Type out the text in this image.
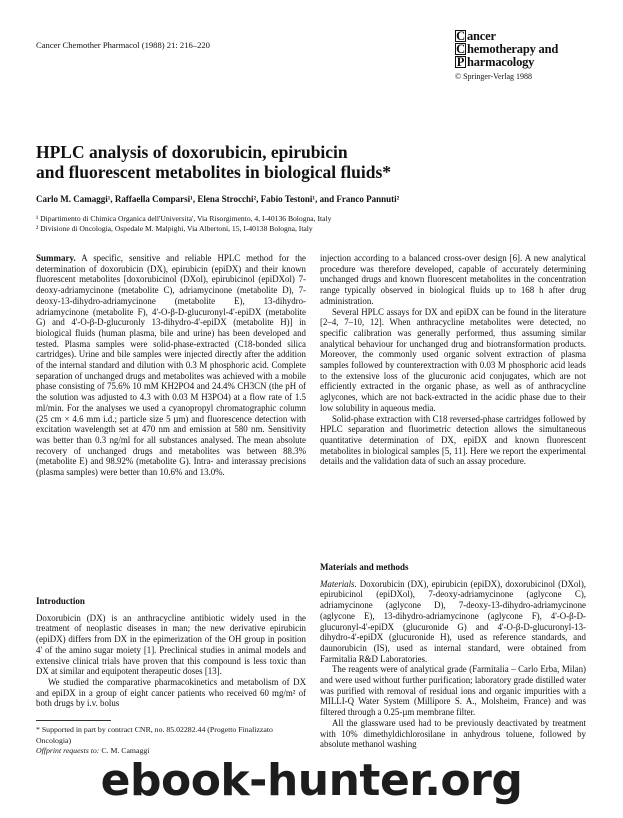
Cancer Chemother Pharmacol (1988) 21: 216–220
C ancer
C hemotherapy and
P harmacology
© Springer-Verlag 1988
HPLC analysis of doxorubicin, epirubicin
and fluorescent metabolites in biological fluids*
Carlo M. Camaggi¹, Raffaella Comparsi¹, Elena Strocchi², Fabio Testoni¹, and Franco Pannuti²
¹ Dipartimento di Chimica Organica dell'Universita', Via Risorgimento, 4, I-40136 Bologna, Italy
² Divisione di Oncologia, Ospedale M. Malpighi, Via Albertoni, 15, I-40138 Bologna, Italy

Summary. A specific, sensitive and reliable HPLC method for the determination of doxorubicin (DX), epirubicin (epiDX) and their known fluorescent metabolites [doxorubicinol (DXol), epirubicinol (epiDXol) 7-deoxy-adriamycinone (metabolite C), adriamycinone (metabolite D), 7-deoxy-13-dihydro-adriamycinone (metabolite E), 13-dihydro-adriamycinone (metabolite F), 4'-O-β-D-glucuronyl-4'-epiDX (metabolite G) and 4'-O-β-D-glucuronly 13-dihydro-4'-epiDX (metabolite H)] in biological fluids (human plasma, bile and urine) has been developed and tested. Plasma samples were solid-phase-extracted (C18-bonded silica cartridges). Urine and bile samples were injected directly after the addition of the internal standard and dilution with 0.3 M phosphoric acid. Complete separation of unchanged drugs and metabolites was achieved with a mobile phase consisting of 75.6% 10 mM KH2PO4 and 24.4% CH3CN (the pH of the solution was adjusted to 4.3 with 0.03 M H3PO4) at a flow rate of 1.5 ml/min. For the analyses we used a cyanopropyl chromatographic column (25 cm × 4.6 mm i.d.; particle size 5 µm) and fluorescence detection with excitation wavelength set at 470 nm and emission at 580 nm. Sensitivity was better than 0.3 ng/ml for all substances analysed. The mean absolute recovery of unchanged drugs and metabolites was between 88.3% (metabolite E) and 98.92% (metabolite G). Intra- and interassay precisions (plasma samples) were better than 10.6% and 13.0%.

Introduction

Doxorubicin (DX) is an anthracycline antibiotic widely used in the treatment of neoplastic diseases in man; the new derivative epirubicin (epiDX) differs from DX in the epimerization of the OH group in position 4' of the amino sugar moiety [1]. Preclinical studies in animal models and extensive clinical trials have proven that this compound is less toxic than DX at similar and equipotent therapeutic doses [13].

We studied the comparative pharmacokinetics and metabolism of DX and epiDX in a group of eight cancer patients who received 60 mg/m² of both drugs by i.v. bolus

* Supported in part by contract CNR, no. 85.02282.44 (Progetto Finalizzato Oncologia)
Offprint requests to: C. M. Camaggi

injection according to a balanced cross-over design [6]. A new analytical procedure was therefore developed, capable of accurately determining unchanged drugs and known fluorescent metabolites in the concentration range typically observed in biological fluids up to 168 h after drug administration.

Several HPLC assays for DX and epiDX can be found in the literature [2–4, 7–10, 12]. When anthracycline metabolites were detected, no specific calibration was generally performed, thus assuming similar analytical behaviour for unchanged drug and biotransformation products. Moreover, the commonly used organic solvent extraction of plasma samples followed by counterextraction with 0.03 M phosphoric acid leads to the extensive loss of the glucuronic acid conjugates, which are not efficiently extracted in the organic phase, as well as of anthracycline aglycones, which are not back-extracted in the acidic phase due to their low solubility in aqueous media.

Solid-phase extraction with C18 reversed-phase cartridges followed by HPLC separation and fluorimetric detection allows the simultaneous quantitative determination of DX, epiDX and known fluorescent metabolites in biological samples [5, 11]. Here we report the experimental details and the validation data of such an assay procedure.

Materials and methods

Materials. Doxorubicin (DX), epirubicin (epiDX), doxorubicinol (DXol), epirubicinol (epiDXol), 7-deoxy-adriamycinone (aglycone C), adriamycinone (aglycone D), 7-deoxy-13-dihydro-adriamycinone (aglycone E), 13-dihydro-adriamycinone (aglycone F), 4'-O-β-D-glucuronyl-4'-epiDX (glucuronide G) and 4'-O-β-D-glucuronyl-13-dihydro-4'-epiDX (glucuronide H), used as reference standards, and daunorubicin (IS), used as internal standard, were obtained from Farmitalia R&D Laboratories.

The reagents were of analytical grade (Farmitalia – Carlo Erba, Milan) and were used without further purification; laboratory grade distilled water was purified with removal of residual ions and organic impurities with a MILLI-Q Water System (Millipore S. A., Molsheim, France) and was filtered through a 0.25-µm membrane filter.

All the glassware used had to be previously deactivated by treatment with 10% dimethyldichlorosilane in anhydrous toluene, followed by absolute methanol washing

ebook-hunter.org
